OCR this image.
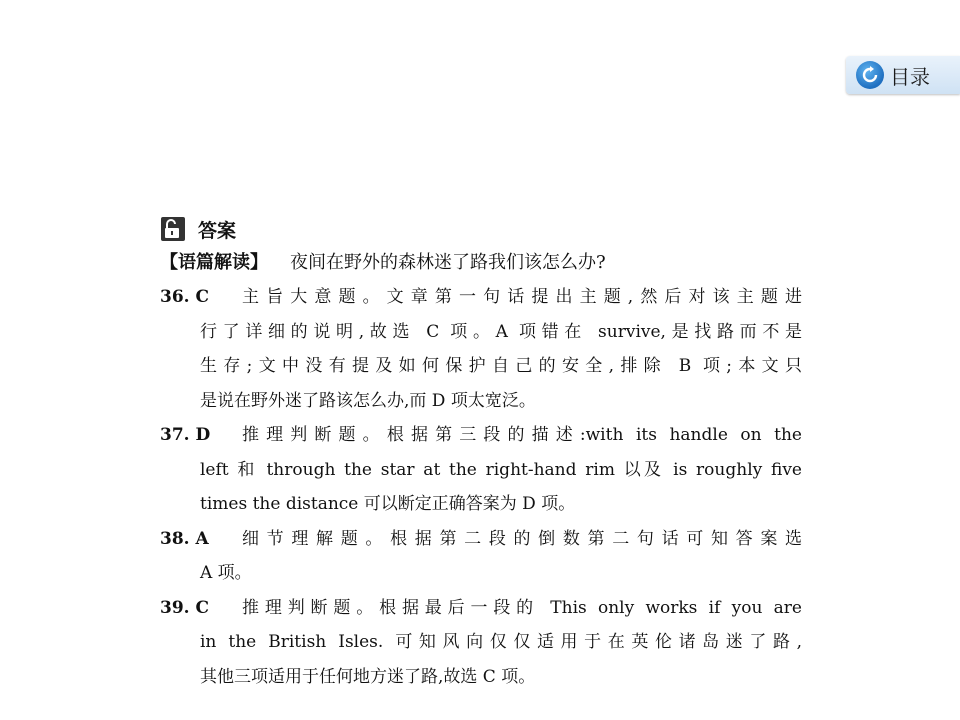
目录
答案
【语篇解读】 夜间在野外的森林迷了路我们该怎么办?
36. C	主旨大意题。文章第一句话提出主题,然后对该主题进
行了详细的说明,故选 C 项。A 项错在 survive,是找路而不是
生存;文中没有提及如何保护自己的安全,排除 B 项;本文只
是说在野外迷了路该怎么办,而 D 项太宽泛。
37. D	推理判断题。根据第三段的描述:with its handle on the
left 和 through the star at the right-hand rim 以及 is roughly five
times the distance 可以断定正确答案为 D 项。
38. A	细节理解题。根据第二段的倒数第二句话可知答案选
A 项。
39. C	推理判断题。根据最后一段的 This only works if you are
in the British Isles. 可知风向仅仅适用于在英伦诸岛迷了路,
其他三项适用于任何地方迷了路,故选 C 项。
